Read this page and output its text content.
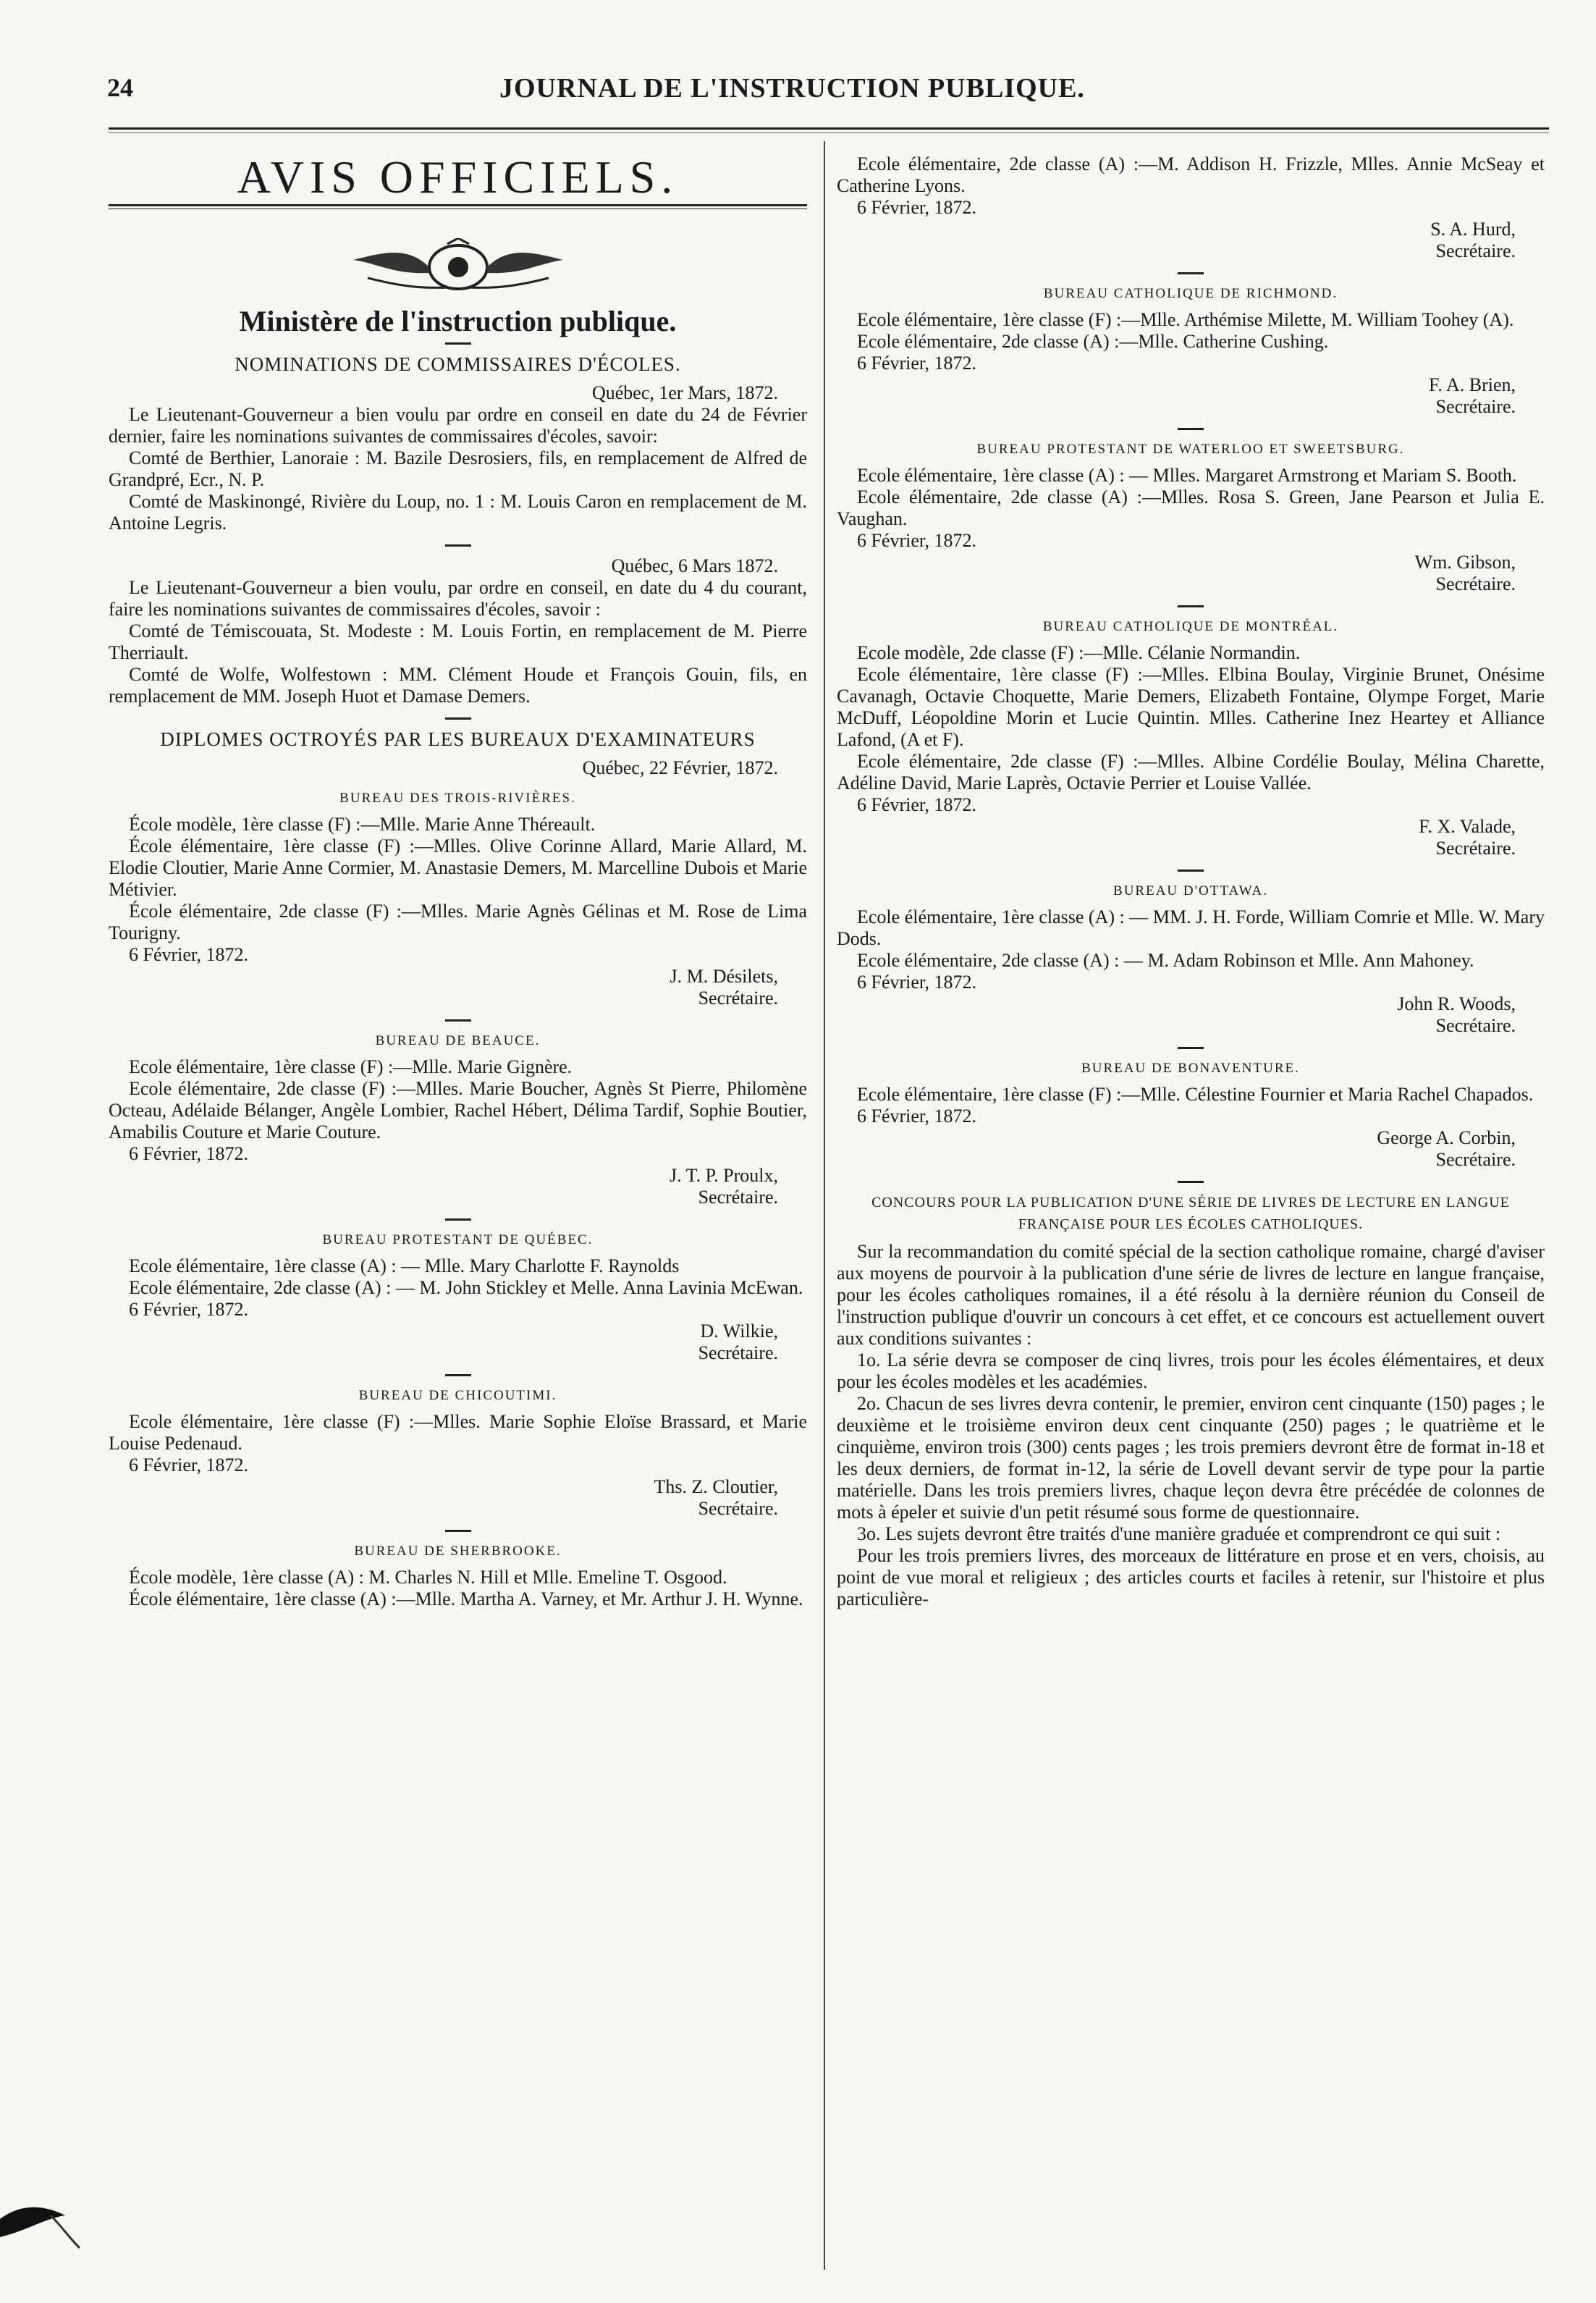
24	JOURNAL DE L'INSTRUCTION PUBLIQUE.
AVIS OFFICIELS.
Ministère de l'instruction publique.
NOMINATIONS DE COMMISSAIRES D'ÉCOLES.

Québec, 1er Mars, 1872.

Le Lieutenant-Gouverneur a bien voulu par ordre en conseil en date du 24 de Février dernier, faire les nominations suivantes de commissaires d'écoles, savoir:

Comté de Berthier, Lanoraie : M. Bazile Desrosiers, fils, en remplacement de Alfred de Grandpré, Ecr., N. P.

Comté de Maskinongé, Rivière du Loup, no. 1 : M. Louis Caron en remplacement de M. Antoine Legris.

Québec, 6 Mars 1872.

Le Lieutenant-Gouverneur a bien voulu, par ordre en conseil, en date du 4 du courant, faire les nominations suivantes de commissaires d'écoles, savoir :

Comté de Témiscouata, St. Modeste : M. Louis Fortin, en remplacement de M. Pierre Therriault.

Comté de Wolfe, Wolfestown : MM. Clément Houde et François Gouin, fils, en remplacement de MM. Joseph Huot et Damase Demers.

DIPLOMES OCTROYÉS PAR LES BUREAUX D'EXAMINATEURS

Québec, 22 Février, 1872.

BUREAU DES TROIS-RIVIÈRES.

École modèle, 1ère classe (F) :—Mlle. Marie Anne Théreault.

École élémentaire, 1ère classe (F) :—Mlles. Olive Corinne Allard, Marie Allard, M. Elodie Cloutier, Marie Anne Cormier, M. Anastasie Demers, M. Marcelline Dubois et Marie Métivier.

École élémentaire, 2de classe (F) :—Mlles. Marie Agnès Gélinas et M. Rose de Lima Tourigny.

6 Février, 1872.

J. M. Désilets,

Secrétaire.

BUREAU DE BEAUCE.

Ecole élémentaire, 1ère classe (F) :—Mlle. Marie Gignère.

Ecole élémentaire, 2de classe (F) :—Mlles. Marie Boucher, Agnès St Pierre, Philomène Octeau, Adélaide Bélanger, Angèle Lombier, Rachel Hébert, Délima Tardif, Sophie Boutier, Amabilis Couture et Marie Couture.

6 Février, 1872.

J. T. P. Proulx,

Secrétaire.

BUREAU PROTESTANT DE QUÉBEC.

Ecole élémentaire, 1ère classe (A) : — Mlle. Mary Charlotte F. Raynolds

Ecole élémentaire, 2de classe (A) : — M. John Stickley et Melle. Anna Lavinia McEwan.

6 Février, 1872.

D. Wilkie,

Secrétaire.

BUREAU DE CHICOUTIMI.

Ecole élémentaire, 1ère classe (F) :—Mlles. Marie Sophie Eloïse Brassard, et Marie Louise Pedenaud.

6 Février, 1872.

Ths. Z. Cloutier,

Secrétaire.

BUREAU DE SHERBROOKE.

École modèle, 1ère classe (A) : M. Charles N. Hill et Mlle. Emeline T. Osgood.

École élémentaire, 1ère classe (A) :—Mlle. Martha A. Varney, et Mr. Arthur J. H. Wynne.

Ecole élémentaire, 2de classe (A) :—M. Addison H. Frizzle, Mlles. Annie McSeay et Catherine Lyons.

6 Février, 1872.

S. A. Hurd,

Secrétaire.

BUREAU CATHOLIQUE DE RICHMOND.

Ecole élémentaire, 1ère classe (F) :—Mlle. Arthémise Milette, M. William Toohey (A).

Ecole élémentaire, 2de classe (A) :—Mlle. Catherine Cushing.

6 Février, 1872.

F. A. Brien,

Secrétaire.

BUREAU PROTESTANT DE WATERLOO ET SWEETSBURG.

Ecole élémentaire, 1ère classe (A) : — Mlles. Margaret Armstrong et Mariam S. Booth.

Ecole élémentaire, 2de classe (A) :—Mlles. Rosa S. Green, Jane Pearson et Julia E. Vaughan.

6 Février, 1872.

Wm. Gibson,

Secrétaire.

BUREAU CATHOLIQUE DE MONTRÉAL.

Ecole modèle, 2de classe (F) :—Mlle. Célanie Normandin.

Ecole élémentaire, 1ère classe (F) :—Mlles. Elbina Boulay, Virginie Brunet, Onésime Cavanagh, Octavie Choquette, Marie Demers, Elizabeth Fontaine, Olympe Forget, Marie McDuff, Léopoldine Morin et Lucie Quintin. Mlles. Catherine Inez Heartey et Alliance Lafond, (A et F).

Ecole élémentaire, 2de classe (F) :—Mlles. Albine Cordélie Boulay, Mélina Charette, Adéline David, Marie Laprès, Octavie Perrier et Louise Vallée.

6 Février, 1872.

F. X. Valade,

Secrétaire.

BUREAU D'OTTAWA.

Ecole élémentaire, 1ère classe (A) : — MM. J. H. Forde, William Comrie et Mlle. W. Mary Dods.

Ecole élémentaire, 2de classe (A) : — M. Adam Robinson et Mlle. Ann Mahoney.

6 Février, 1872.

John R. Woods,

Secrétaire.

BUREAU DE BONAVENTURE.

Ecole élémentaire, 1ère classe (F) :—Mlle. Célestine Fournier et Maria Rachel Chapados.

6 Février, 1872.

George A. Corbin,

Secrétaire.

CONCOURS POUR LA PUBLICATION D'UNE SÉRIE DE LIVRES DE LECTURE EN LANGUE FRANÇAISE POUR LES ÉCOLES CATHOLIQUES.

Sur la recommandation du comité spécial de la section catholique romaine, chargé d'aviser aux moyens de pourvoir à la publication d'une série de livres de lecture en langue française, pour les écoles catholiques romaines, il a été résolu à la dernière réunion du Conseil de l'instruction publique d'ouvrir un concours à cet effet, et ce concours est actuellement ouvert aux conditions suivantes :

1o. La série devra se composer de cinq livres, trois pour les écoles élémentaires, et deux pour les écoles modèles et les académies.

2o. Chacun de ses livres devra contenir, le premier, environ cent cinquante (150) pages ; le deuxième et le troisième environ deux cent cinquante (250) pages ; le quatrième et le cinquième, environ trois (300) cents pages ; les trois premiers devront être de format in-18 et les deux derniers, de format in-12, la série de Lovell devant servir de type pour la partie matérielle. Dans les trois premiers livres, chaque leçon devra être précédée de colonnes de mots à épeler et suivie d'un petit résumé sous forme de questionnaire.

3o. Les sujets devront être traités d'une manière graduée et comprendront ce qui suit :

Pour les trois premiers livres, des morceaux de littérature en prose et en vers, choisis, au point de vue moral et religieux ; des articles courts et faciles à retenir, sur l'histoire et plus particulière-
